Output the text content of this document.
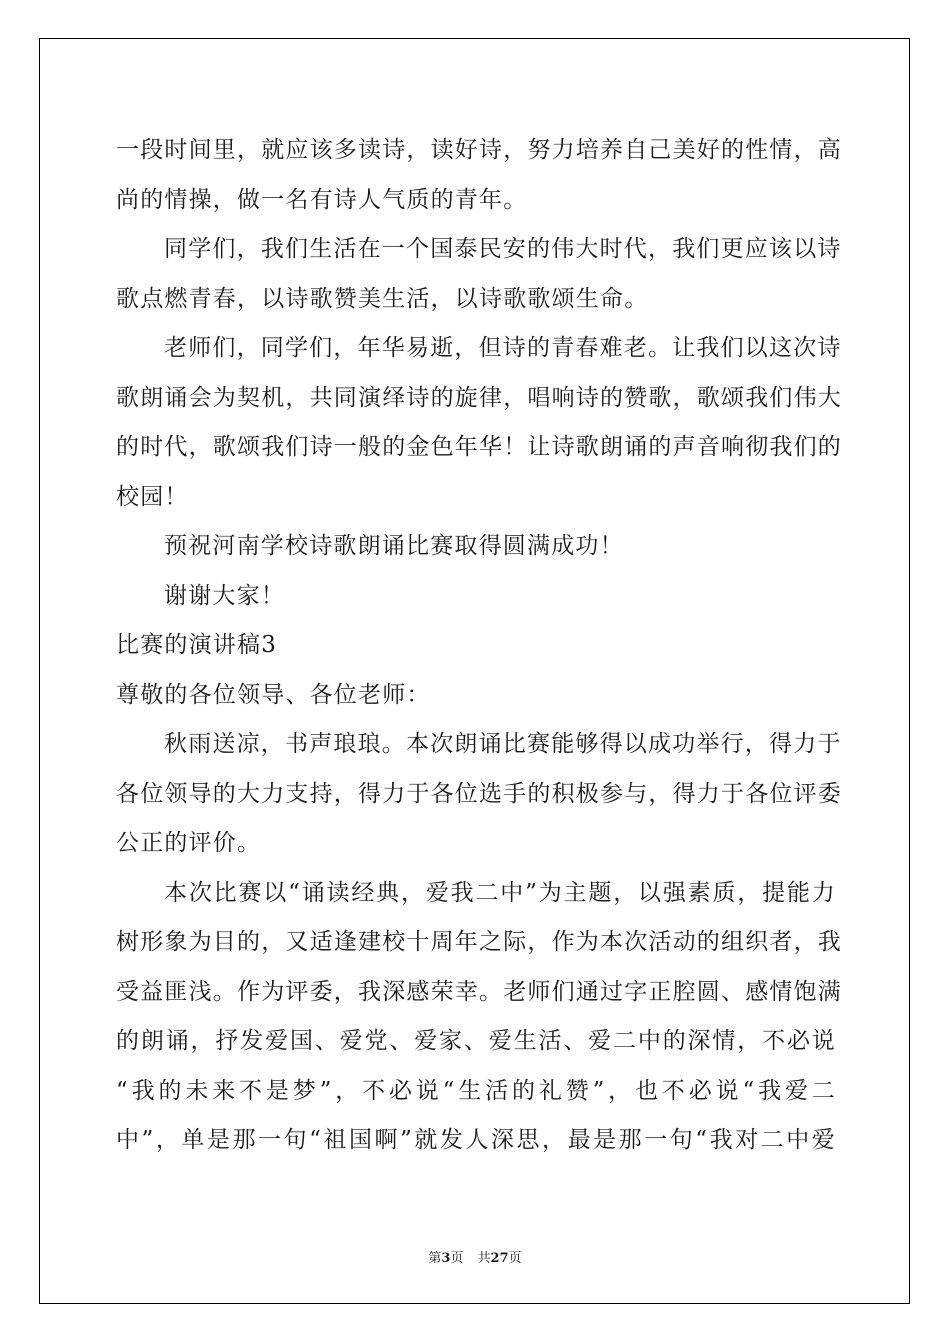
一段时间里，就应该多读诗，读好诗，努力培养自己美好的性情，高
尚的情操，做一名有诗人气质的青年。
同学们，我们生活在一个国泰民安的伟大时代，我们更应该以诗
歌点燃青春，以诗歌赞美生活，以诗歌歌颂生命。
老师们，同学们，年华易逝，但诗的青春难老。让我们以这次诗
歌朗诵会为契机，共同演绎诗的旋律，唱响诗的赞歌，歌颂我们伟大
的时代，歌颂我们诗一般的金色年华！让诗歌朗诵的声音响彻我们的
校园！
预祝河南学校诗歌朗诵比赛取得圆满成功！
谢谢大家！
比赛的演讲稿3
尊敬的各位领导、各位老师：
秋雨送凉，书声琅琅。本次朗诵比赛能够得以成功举行，得力于
各位领导的大力支持，得力于各位选手的积极参与，得力于各位评委
公正的评价。
本次比赛以“诵读经典，爱我二中”为主题，以强素质，提能力
树形象为目的，又适逢建校十周年之际，作为本次活动的组织者，我
受益匪浅。作为评委，我深感荣幸。老师们通过字正腔圆、感情饱满
的朗诵，抒发爱国、爱党、爱家、爱生活、爱二中的深情，不必说
“我的未来不是梦”，不必说“生活的礼赞”，也不必说“我爱二
中”，单是那一句“祖国啊”就发人深思，最是那一句“我对二中爱
第3页 共27页
